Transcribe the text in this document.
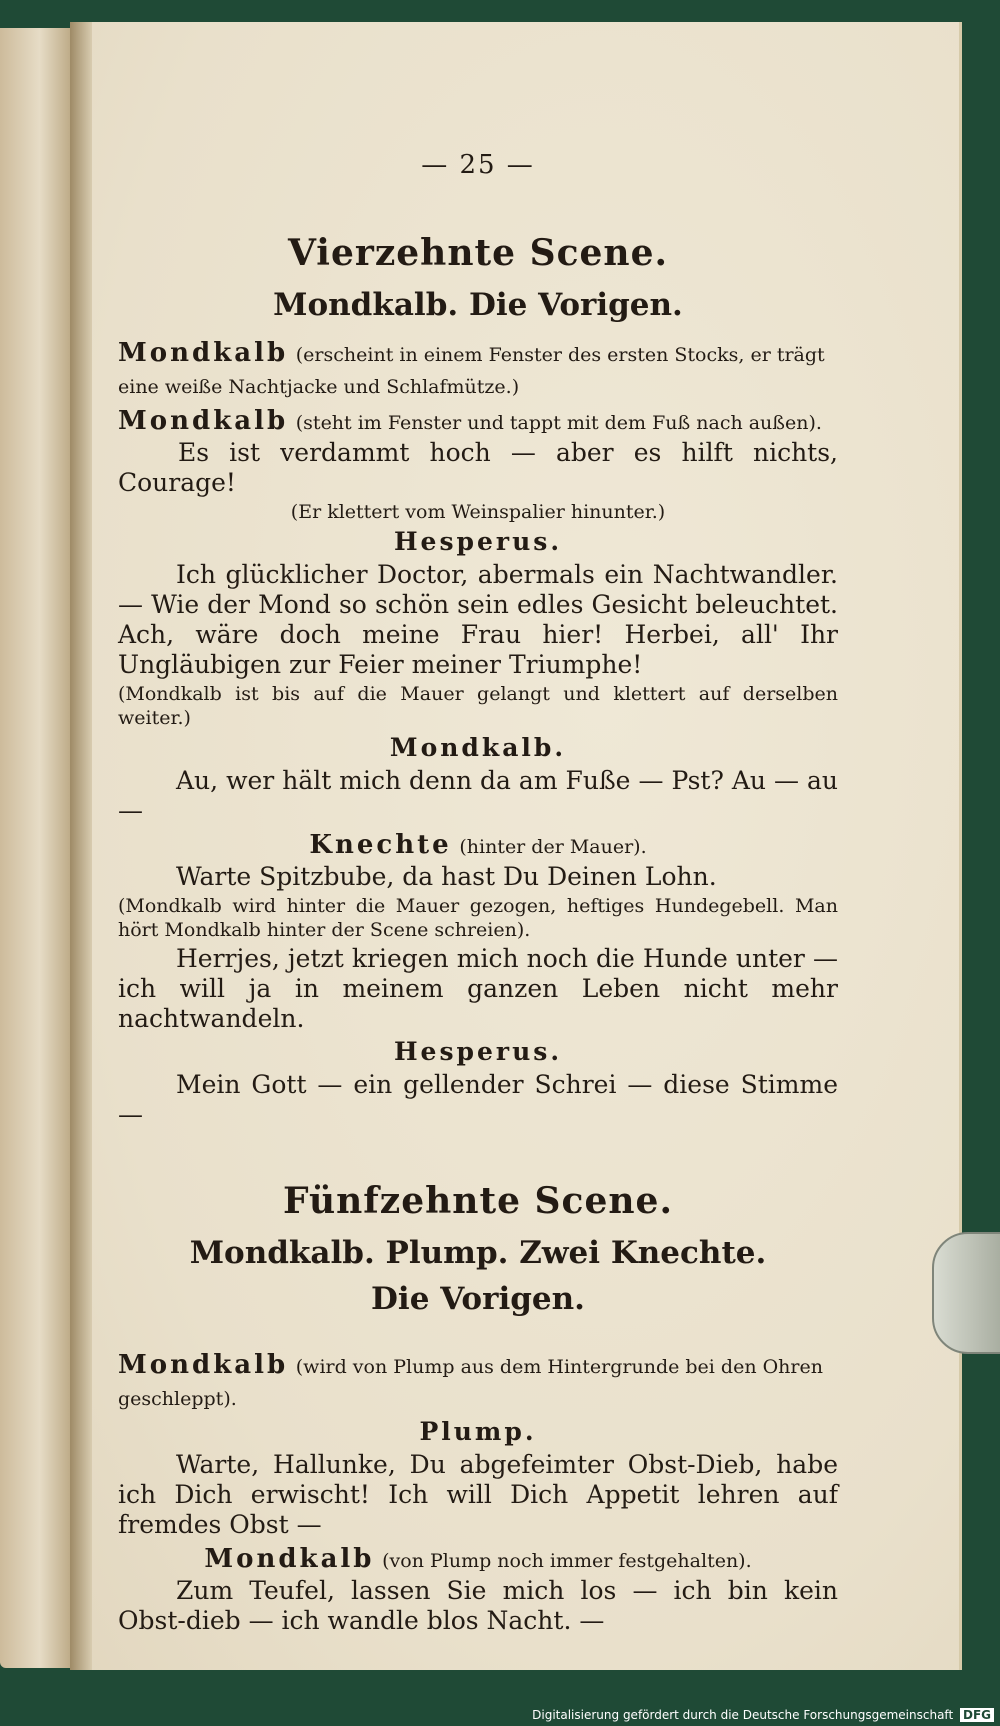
— 25 —

Vierzehnte Scene.

Mondkalb. Die Vorigen.

Mondkalb (erscheint in einem Fenster des ersten Stocks, er trägt eine weiße Nachtjacke und Schlafmütze.)

Mondkalb (steht im Fenster und tappt mit dem Fuß nach außen).

Es ist verdammt hoch — aber es hilft nichts, Courage!

(Er klettert vom Weinspalier hinunter.)

Hesperus.

Ich glücklicher Doctor, abermals ein Nachtwandler. — Wie der Mond so schön sein edles Gesicht beleuchtet. Ach, wäre doch meine Frau hier! Herbei, all' Ihr Ungläubigen zur Feier meiner Triumphe!

(Mondkalb ist bis auf die Mauer gelangt und klettert auf derselben weiter.)

Mondkalb.

Au, wer hält mich denn da am Fuße — Pst? Au — au —

Knechte (hinter der Mauer).

Warte Spitzbube, da hast Du Deinen Lohn.

(Mondkalb wird hinter die Mauer gezogen, heftiges Hundegebell. Man hört Mondkalb hinter der Scene schreien).

Herrjes, jetzt kriegen mich noch die Hunde unter — ich will ja in meinem ganzen Leben nicht mehr nachtwandeln.

Hesperus.

Mein Gott — ein gellender Schrei — diese Stimme —

Fünfzehnte Scene.

Mondkalb. Plump. Zwei Knechte.

Die Vorigen.

Mondkalb (wird von Plump aus dem Hintergrunde bei den Ohren geschleppt).

Plump.

Warte, Hallunke, Du abgefeimter Obst-Dieb, habe ich Dich erwischt! Ich will Dich Appetit lehren auf fremdes Obst —

Mondkalb (von Plump noch immer festgehalten).

Zum Teufel, lassen Sie mich los — ich bin kein Obst-dieb — ich wandle blos Nacht. —

Digitalisierung gefördert durch die Deutsche Forschungsgemeinschaft DFG
